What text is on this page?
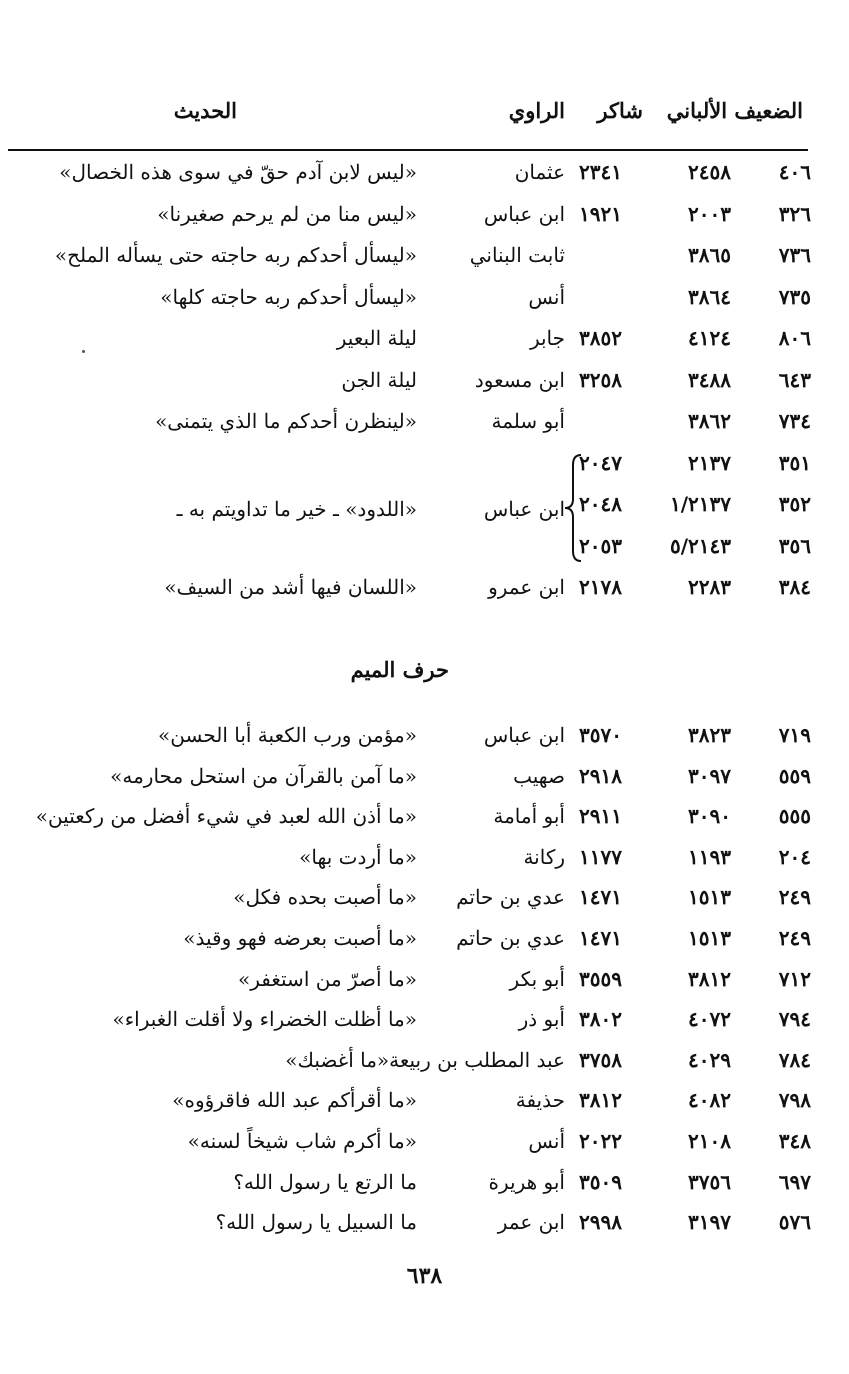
الضعيف الألباني
شاكر
الراوي
الحديث
٤٠٦
٢٤٥٨
٢٣٤١
عثمان
«ليس لابن آدم حقّ في سوى هذه الخصال»
٣٢٦
٢٠٠٣
١٩٢١
ابن عباس
«ليس منا من لم يرحم صغيرنا»
٧٣٦
٣٨٦٥
ثابت البناني
«ليسأل أحدكم ربه حاجته حتى يسأله الملح»
٧٣٥
٣٨٦٤
أنس
«ليسأل أحدكم ربه حاجته كلها»
٨٠٦
٤١٢٤
٣٨٥٢
جابر
ليلة البعير
٦٤٣
٣٤٨٨
٣٢٥٨
ابن مسعود
ليلة الجن
٧٣٤
٣٨٦٢
أبو سلمة
«لينظرن أحدكم ما الذي يتمنى»
٣٥١
٢١٣٧
٢٠٤٧
٣٥٢
١/٢١٣٧
٢٠٤٨
٣٥٦
٥/٢١٤٣
٢٠٥٣
٣٨٤
٢٢٨٣
٢١٧٨
ابن عمرو
«اللسان فيها أشد من السيف»
ابن عباس
«اللدود» ـ خير ما تداويتم به ـ
حرف الميم
٧١٩
٣٨٢٣
٣٥٧٠
ابن عباس
«مؤمن ورب الكعبة أبا الحسن»
٥٥٩
٣٠٩٧
٢٩١٨
صهيب
«ما آمن بالقرآن من استحل محارمه»
٥٥٥
٣٠٩٠
٢٩١١
أبو أمامة
«ما أذن الله لعبد في شيء أفضل من ركعتين»
٢٠٤
١١٩٣
١١٧٧
ركانة
«ما أردت بها»
٢٤٩
١٥١٣
١٤٧١
عدي بن حاتم
«ما أصبت بحده فكل»
٢٤٩
١٥١٣
١٤٧١
عدي بن حاتم
«ما أصبت بعرضه فهو وقيذ»
٧١٢
٣٨١٢
٣٥٥٩
أبو بكر
«ما أصرّ من استغفر»
٧٩٤
٤٠٧٢
٣٨٠٢
أبو ذر
«ما أظلت الخضراء ولا أقلت الغبراء»
٧٨٤
٤٠٢٩
٣٧٥٨
عبد المطلب بن ربيعة«ما أغضبك»
٧٩٨
٤٠٨٢
٣٨١٢
حذيفة
«ما أقرأكم عبد الله فاقرؤوه»
٣٤٨
٢١٠٨
٢٠٢٢
أنس
«ما أكرم شاب شيخاً لسنه»
٦٩٧
٣٧٥٦
٣٥٠٩
أبو هريرة
ما الرتع يا رسول الله؟
٥٧٦
٣١٩٧
٢٩٩٨
ابن عمر
ما السبيل يا رسول الله؟
٦٣٨
